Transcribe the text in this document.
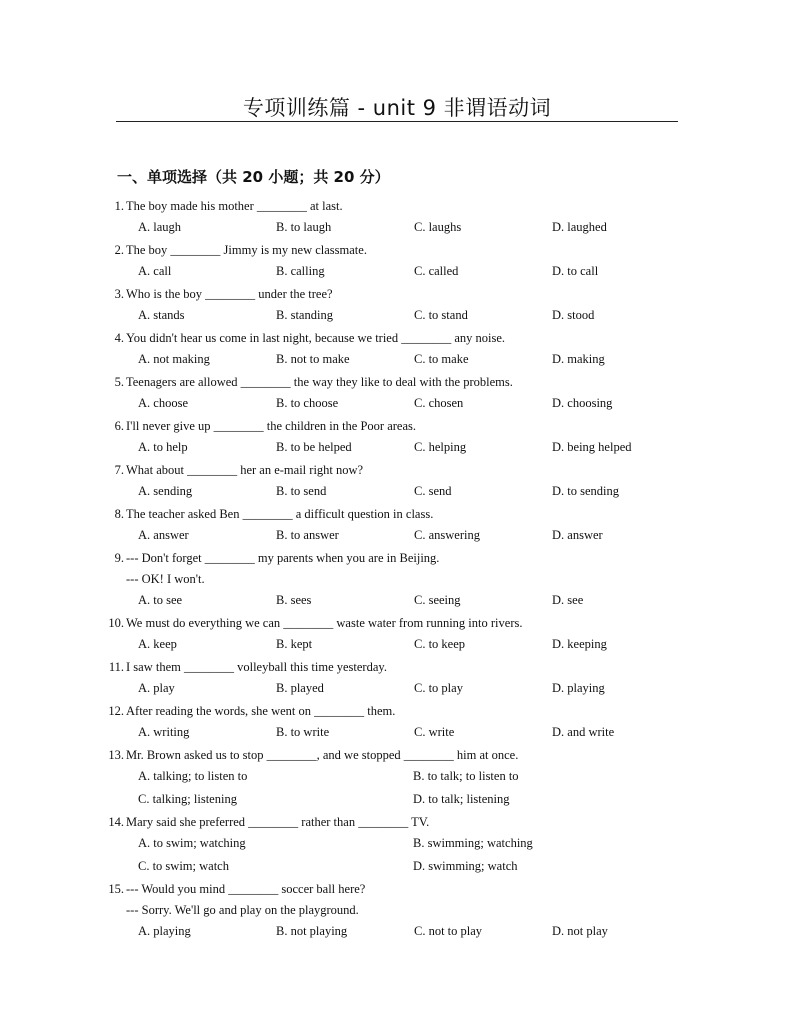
专项训练篇 - unit 9 非谓语动词
一、单项选择（共 20 小题；共 20 分）
1. The boy made his mother ________ at last.
A. laugh	B. to laugh	C. laughs	D. laughed
2. The boy ________ Jimmy is my new classmate.
A. call	B. calling	C. called	D. to call
3. Who is the boy ________ under the tree?
A. stands	B. standing	C. to stand	D. stood
4. You didn't hear us come in last night, because we tried ________ any noise.
A. not making	B. not to make	C. to make	D. making
5. Teenagers are allowed ________ the way they like to deal with the problems.
A. choose	B. to choose	C. chosen	D. choosing
6. I'll never give up ________ the children in the Poor areas.
A. to help	B. to be helped	C. helping	D. being helped
7. What about ________ her an e-mail right now?
A. sending	B. to send	C. send	D. to sending
8. The teacher asked Ben ________ a difficult question in class.
A. answer	B. to answer	C. answering	D. answer
9. --- Don't forget ________ my parents when you are in Beijing.
--- OK! I won't.
A. to see	B. sees	C. seeing	D. see
10. We must do everything we can ________ waste water from running into rivers.
A. keep	B. kept	C. to keep	D. keeping
11. I saw them ________ volleyball this time yesterday.
A. play	B. played	C. to play	D. playing
12. After reading the words, she went on ________ them.
A. writing	B. to write	C. write	D. and write
13. Mr. Brown asked us to stop ________, and we stopped ________ him at once.
A. talking; to listen to	B. to talk; to listen to
C. talking; listening	D. to talk; listening
14. Mary said she preferred ________ rather than ________ TV.
A. to swim; watching	B. swimming; watching
C. to swim; watch	D. swimming; watch
15. --- Would you mind ________ soccer ball here?
--- Sorry. We'll go and play on the playground.
A. playing	B. not playing	C. not to play	D. not play
